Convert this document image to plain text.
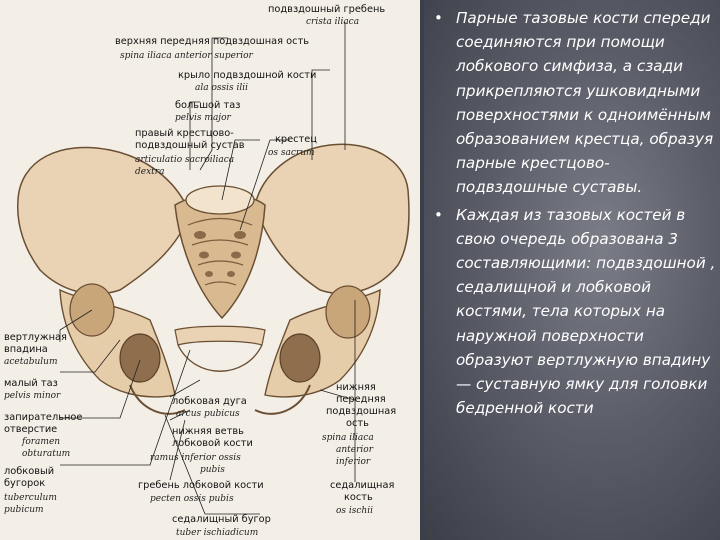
подвздошный гребень
crista iliaca
верхняя передняя подвздошная ость
spina iliaca anterior superior
крыло подвздошной кости
ala ossis ilii
большой таз
pelvis major
правый крестцово-
подвздошный сустав
articulatio sacroiliaca
dextra
крестец
os sacrum
вертлужная
впадина
acetabulum
малый таз
pelvis minor
запирательное
отверстие
foramen
obturatum
лобковый
бугорок
tuberculum
pubicum
лобковая дуга
arcus pubicus
нижняя ветвь
лобковой кости
ramus inferior ossis
pubis
гребень лобковой кости
pecten ossis pubis
седалищный бугор
tuber ischiadicum
нижняя
передняя
подвздошная
ость
spina iliaca
anterior
inferior
седалищная
кость
os ischii
• Парные тазовые кости спереди соединяются при помощи лобкового симфиза, а сзади прикрепляются ушковидными поверхностями к одноимённым образованием крестца, образуя парные крестцово-подвздошные суставы.
• Каждая из тазовых костей в свою очередь образована 3 составляющими: подвздошной , седалищной и лобковой костями, тела которых на наружной поверхности образуют вертлужную впадину — суставную ямку для головки бедренной кости
